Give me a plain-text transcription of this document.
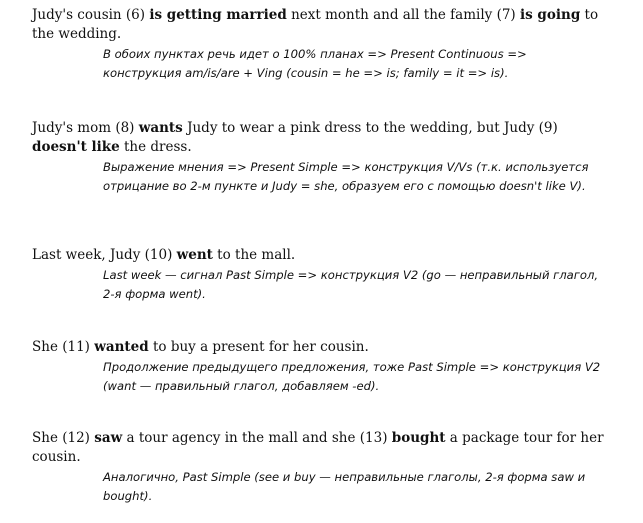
Judy's cousin (6) is getting married next month and all the family (7) is going to the wedding.

В обоих пунктах речь идет о 100% планах => Present Continuous => конструкция am/is/are + Ving (cousin = he => is; family = it => is).

Judy's mom (8) wants Judy to wear a pink dress to the wedding, but Judy (9) doesn't like the dress.

Выражение мнения => Present Simple => конструкция V/Vs (т.к. используется отрицание во 2-м пункте и Judy = she, образуем его с помощью doesn't like V).

Last week, Judy (10) went to the mall.

Last week — сигнал Past Simple => конструкция V2 (go — неправильный глагол, 2-я форма went).

She (11) wanted to buy a present for her cousin.

Продолжение предыдущего предложения, тоже Past Simple => конструкция V2 (want — правильный глагол, добавляем -ed).

She (12) saw a tour agency in the mall and she (13) bought a package tour for her cousin.

Аналогично, Past Simple (see и buy — неправильные глаголы, 2-я форма saw и bought).
